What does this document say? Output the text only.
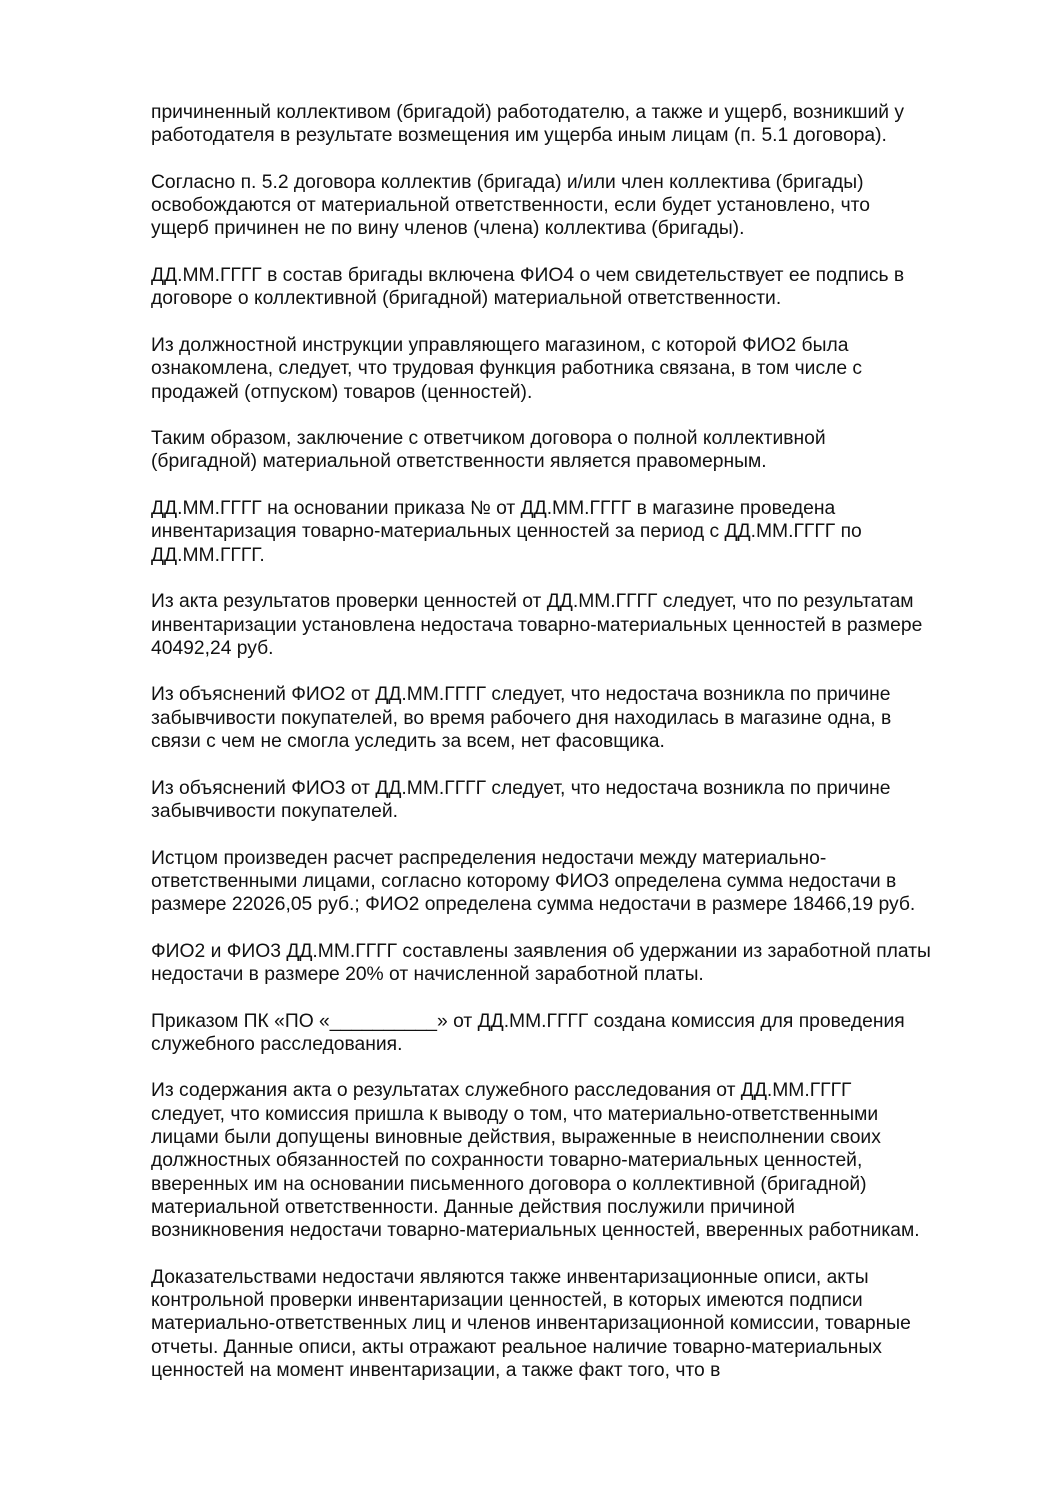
причиненный коллективом (бригадой) работодателю, а также и ущерб, возникший у
работодателя в результате возмещения им ущерба иным лицам (п. 5.1 договора).

Согласно п. 5.2 договора коллектив (бригада) и/или член коллектива (бригады)
освобождаются от материальной ответственности, если будет установлено, что
ущерб причинен не по вину членов (члена) коллектива (бригады).

ДД.ММ.ГГГГ в состав бригады включена ФИО4 о чем свидетельствует ее подпись в
договоре о коллективной (бригадной) материальной ответственности.

Из должностной инструкции управляющего магазином, с которой ФИО2 была
ознакомлена, следует, что трудовая функция работника связана, в том числе с
продажей (отпуском) товаров (ценностей).

Таким образом, заключение с ответчиком договора о полной коллективной
(бригадной) материальной ответственности является правомерным.

ДД.ММ.ГГГГ на основании приказа № от ДД.ММ.ГГГГ в магазине проведена
инвентаризация товарно-материальных ценностей за период с ДД.ММ.ГГГГ по
ДД.ММ.ГГГГ.

Из акта результатов проверки ценностей от ДД.ММ.ГГГГ следует, что по результатам
инвентаризации установлена недостача товарно-материальных ценностей в размере
40492,24 руб.

Из объяснений ФИО2 от ДД.ММ.ГГГГ следует, что недостача возникла по причине
забывчивости покупателей, во время рабочего дня находилась в магазине одна, в
связи с чем не смогла уследить за всем, нет фасовщика.

Из объяснений ФИО3 от ДД.ММ.ГГГГ следует, что недостача возникла по причине
забывчивости покупателей.

Истцом произведен расчет распределения недостачи между материально-
ответственными лицами, согласно которому ФИО3 определена сумма недостачи в
размере 22026,05 руб.; ФИО2 определена сумма недостачи в размере 18466,19 руб.

ФИО2 и ФИО3 ДД.ММ.ГГГГ составлены заявления об удержании из заработной платы
недостачи в размере 20% от начисленной заработной платы.

Приказом ПК «ПО «__________» от ДД.ММ.ГГГГ создана комиссия для проведения
служебного расследования.

Из содержания акта о результатах служебного расследования от ДД.ММ.ГГГГ
следует, что комиссия пришла к выводу о том, что материально-ответственными
лицами были допущены виновные действия, выраженные в неисполнении своих
должностных обязанностей по сохранности товарно-материальных ценностей,
вверенных им на основании письменного договора о коллективной (бригадной)
материальной ответственности. Данные действия послужили причиной
возникновения недостачи товарно-материальных ценностей, вверенных работникам.

Доказательствами недостачи являются также инвентаризационные описи, акты
контрольной проверки инвентаризации ценностей, в которых имеются подписи
материально-ответственных лиц и членов инвентаризационной комиссии, товарные
отчеты. Данные описи, акты отражают реальное наличие товарно-материальных
ценностей на момент инвентаризации, а также факт того, что в
